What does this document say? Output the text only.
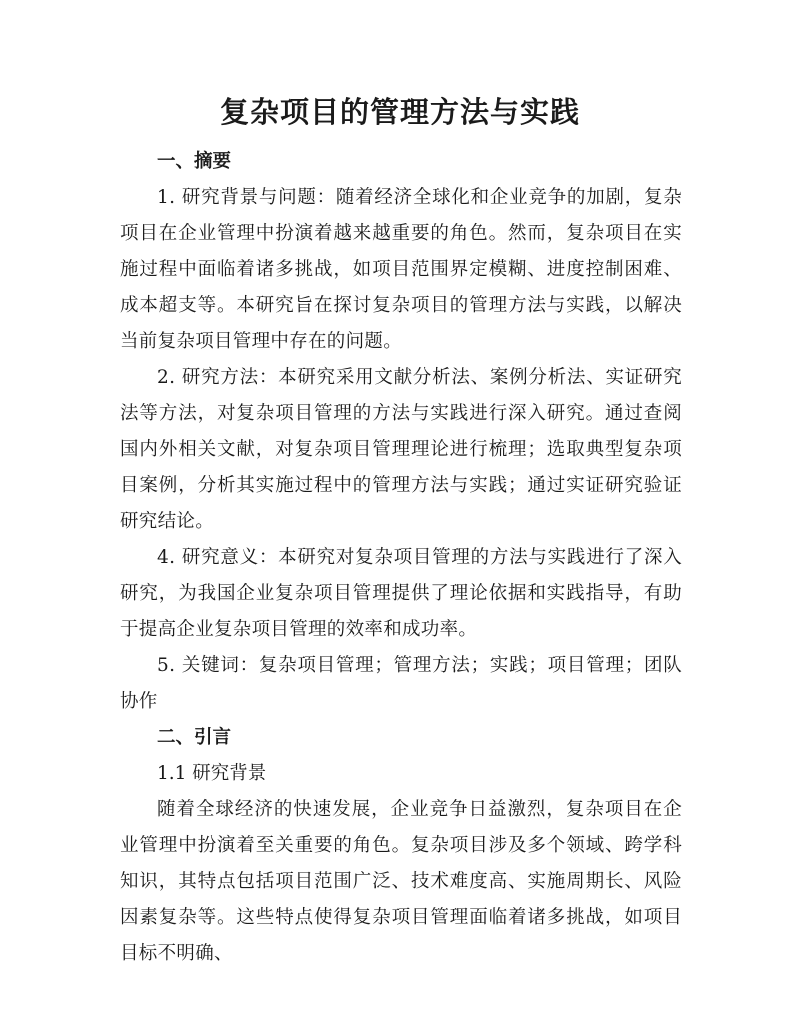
复杂项目的管理方法与实践
一、摘要

1. 研究背景与问题：随着经济全球化和企业竞争的加剧，复杂项目在企业管理中扮演着越来越重要的角色。然而，复杂项目在实施过程中面临着诸多挑战，如项目范围界定模糊、进度控制困难、成本超支等。本研究旨在探讨复杂项目的管理方法与实践，以解决当前复杂项目管理中存在的问题。

2. 研究方法：本研究采用文献分析法、案例分析法、实证研究法等方法，对复杂项目管理的方法与实践进行深入研究。通过查阅国内外相关文献，对复杂项目管理理论进行梳理；选取典型复杂项目案例，分析其实施过程中的管理方法与实践；通过实证研究验证研究结论。

4. 研究意义：本研究对复杂项目管理的方法与实践进行了深入研究，为我国企业复杂项目管理提供了理论依据和实践指导，有助于提高企业复杂项目管理的效率和成功率。

5. 关键词：复杂项目管理；管理方法；实践；项目管理；团队协作

二、引言

1.1 研究背景

随着全球经济的快速发展，企业竞争日益激烈，复杂项目在企业管理中扮演着至关重要的角色。复杂项目涉及多个领域、跨学科知识，其特点包括项目范围广泛、技术难度高、实施周期长、风险因素复杂等。这些特点使得复杂项目管理面临着诸多挑战，如项目目标不明确、
